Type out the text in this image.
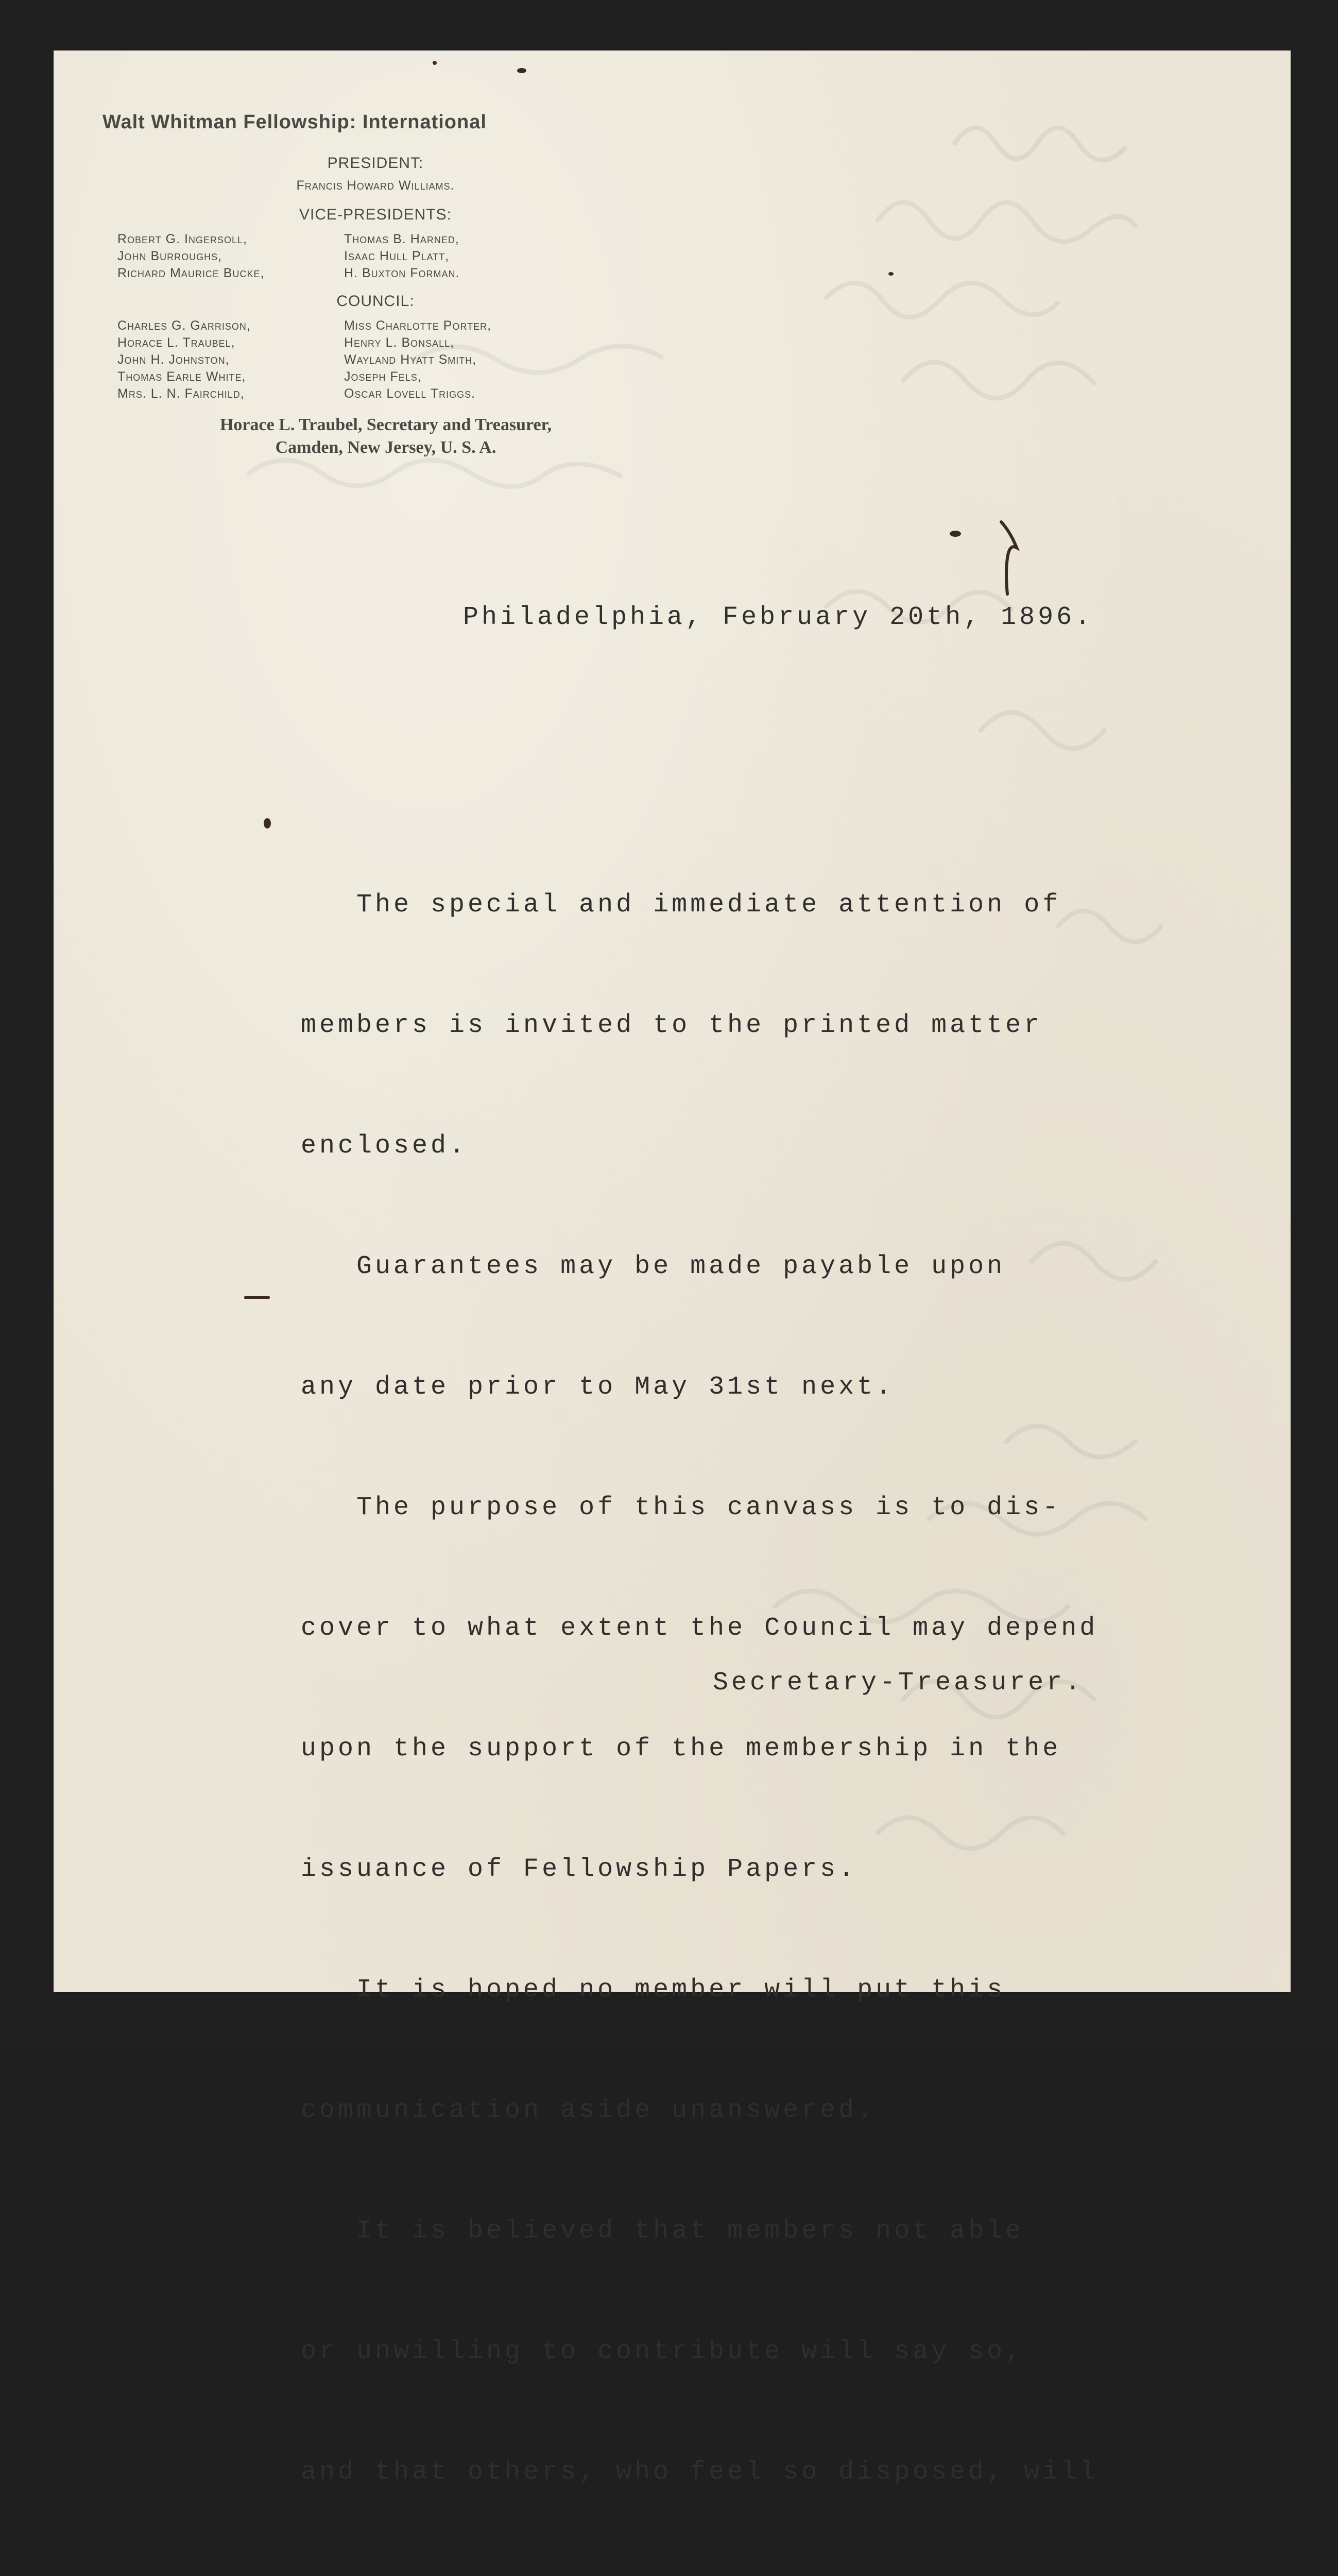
Walt Whitman Fellowship: International
PRESIDENT:
Francis Howard Williams.
VICE-PRESIDENTS:
Robert G. Ingersoll,
John Burroughs,
Richard Maurice Bucke,
Thomas B. Harned,
Isaac Hull Platt,
H. Buxton Forman.
COUNCIL:
Charles G. Garrison,
Horace L. Traubel,
John H. Johnston,
Thomas Earle White,
Mrs. L. N. Fairchild,
Miss Charlotte Porter,
Henry L. Bonsall,
Wayland Hyatt Smith,
Joseph Fels,
Oscar Lovell Triggs.
Horace L. Traubel, Secretary and Treasurer,
Camden, New Jersey, U. S. A.
Philadelphia, February 20th, 1896.

The special and immediate attention of

members is invited to the printed matter

enclosed.

Guarantees may be made payable upon

any date prior to May 31st next.

The purpose of this canvass is to dis-

cover to what extent the Council may depend

upon the support of the membership in the

issuance of Fellowship Papers.

It is hoped no member will put this

communication aside unanswered.

It is believed that members not able

or unwilling to contribute will say so,

and that others, who feel so disposed, will

Secretary-Treasurer.
